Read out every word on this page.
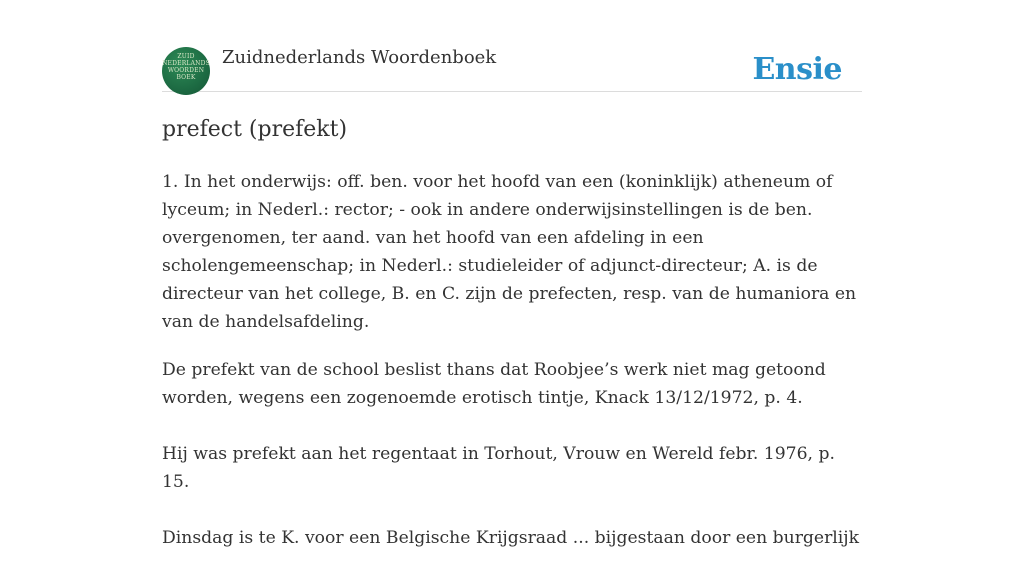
ZUID NEDERLANDS WOORDEN BOEK
Zuidnederlands Woordenboek	Ensie
prefect (prefekt)

1. In het onderwijs: off. ben. voor het hoofd van een (koninklijk) atheneum of lyceum; in Nederl.: rector; - ook in andere onderwijsinstellingen is de ben. overgenomen, ter aand. van het hoofd van een afdeling in een scholengemeenschap; in Nederl.: studieleider of adjunct-directeur; A. is de directeur van het college, B. en C. zijn de prefecten, resp. van de humaniora en van de handelsafdeling.

De prefekt van de school beslist thans dat Roobjee’s werk niet mag getoond worden, wegens een zogenoemde erotisch tintje, Knack 13/12/1972, p. 4.

Hij was prefekt aan het regentaat in Torhout, Vrouw en Wereld febr. 1976, p. 15.

Dinsdag is te K. voor een Belgische Krijgsraad ... bijgestaan door een burgerlijk
